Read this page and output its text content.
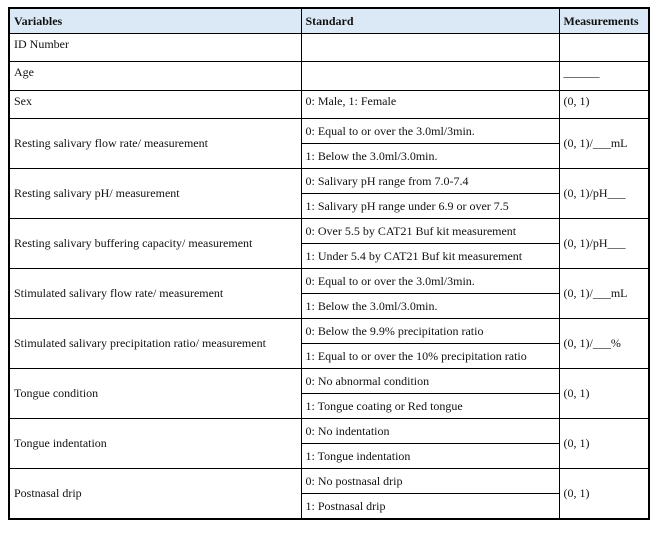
Variables	Standard	Measurements
ID Number		
Age		______
Sex	0: Male, 1: Female	(0, 1)
Resting salivary flow rate/ measurement	0: Equal to or over the 3.0ml/3min.	(0, 1)/___mL
	1: Below the 3.0ml/3.0min.	
Resting salivary pH/ measurement	0: Salivary pH range from 7.0-7.4	(0, 1)/pH___
	1: Salivary pH range under 6.9 or over 7.5	
Resting salivary buffering capacity/ measurement	0: Over 5.5 by CAT21 Buf kit measurement	(0, 1)/pH___
	1: Under 5.4 by CAT21 Buf kit measurement	
Stimulated salivary flow rate/ measurement	0: Equal to or over the 3.0ml/3min.	(0, 1)/___mL
	1: Below the 3.0ml/3.0min.	
Stimulated salivary precipitation ratio/ measurement	0: Below the 9.9% precipitation ratio	(0, 1)/___%
	1: Equal to or over the 10% precipitation ratio	
Tongue condition	0: No abnormal condition	(0, 1)
	1: Tongue coating or Red tongue	
Tongue indentation	0: No indentation	(0, 1)
	1: Tongue indentation	
Postnasal drip	0: No postnasal drip	(0, 1)
	1: Postnasal drip	
